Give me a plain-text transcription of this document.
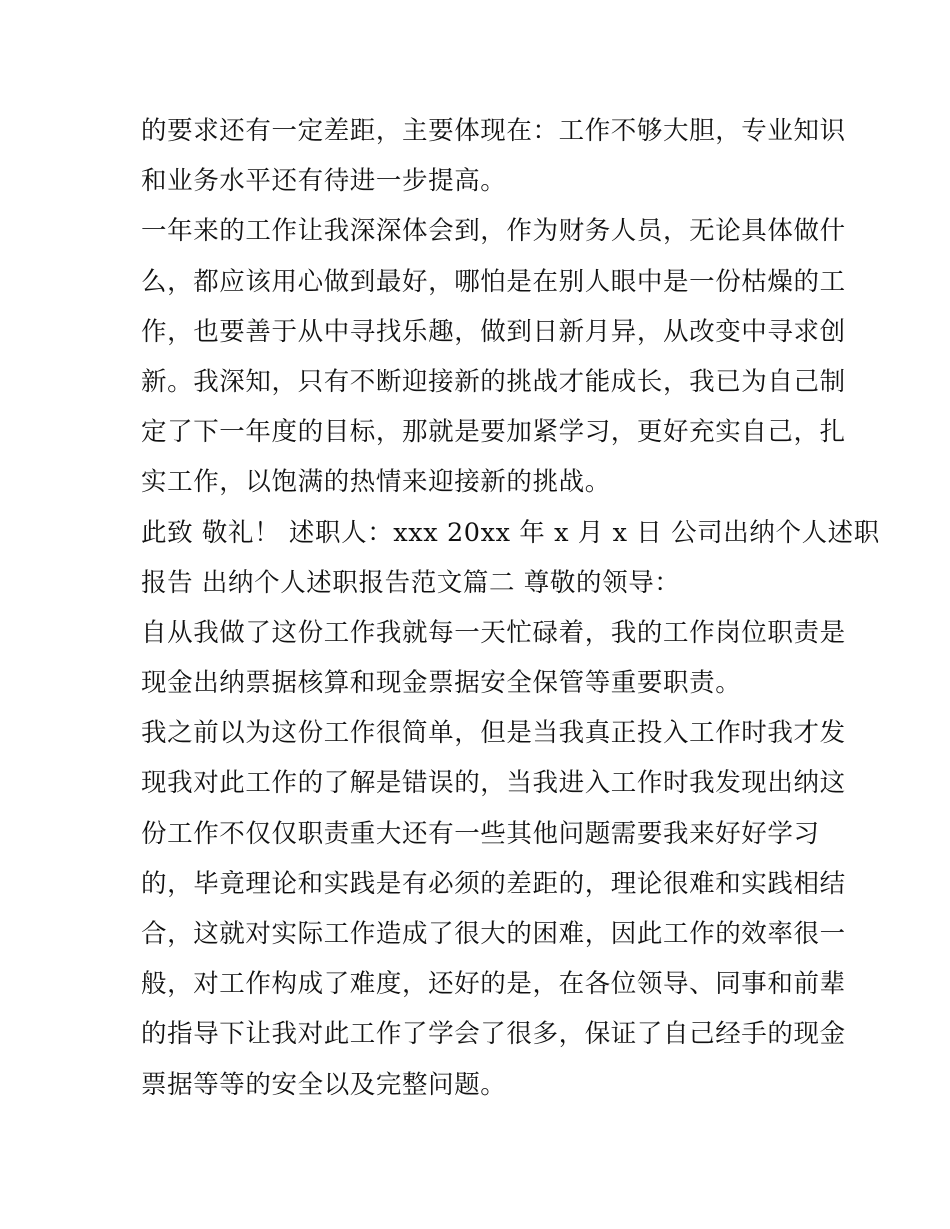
的要求还有一定差距，主要体现在：工作不够大胆，专业知识
和业务水平还有待进一步提高。
一年来的工作让我深深体会到，作为财务人员，无论具体做什
么，都应该用心做到最好，哪怕是在别人眼中是一份枯燥的工
作，也要善于从中寻找乐趣，做到日新月异，从改变中寻求创
新。我深知，只有不断迎接新的挑战才能成长，我已为自己制
定了下一年度的目标，那就是要加紧学习，更好充实自己，扎
实工作，以饱满的热情来迎接新的挑战。
此致 敬礼！ 述职人：xxx 20xx 年 x 月 x 日 公司出纳个人述职
报告 出纳个人述职报告范文篇二 尊敬的领导：
自从我做了这份工作我就每一天忙碌着，我的工作岗位职责是
现金出纳票据核算和现金票据安全保管等重要职责。
我之前以为这份工作很简单，但是当我真正投入工作时我才发
现我对此工作的了解是错误的，当我进入工作时我发现出纳这
份工作不仅仅职责重大还有一些其他问题需要我来好好学习
的，毕竟理论和实践是有必须的差距的，理论很难和实践相结
合，这就对实际工作造成了很大的困难，因此工作的效率很一
般，对工作构成了难度，还好的是，在各位领导、同事和前辈
的指导下让我对此工作了学会了很多，保证了自己经手的现金
票据等等的安全以及完整问题。
